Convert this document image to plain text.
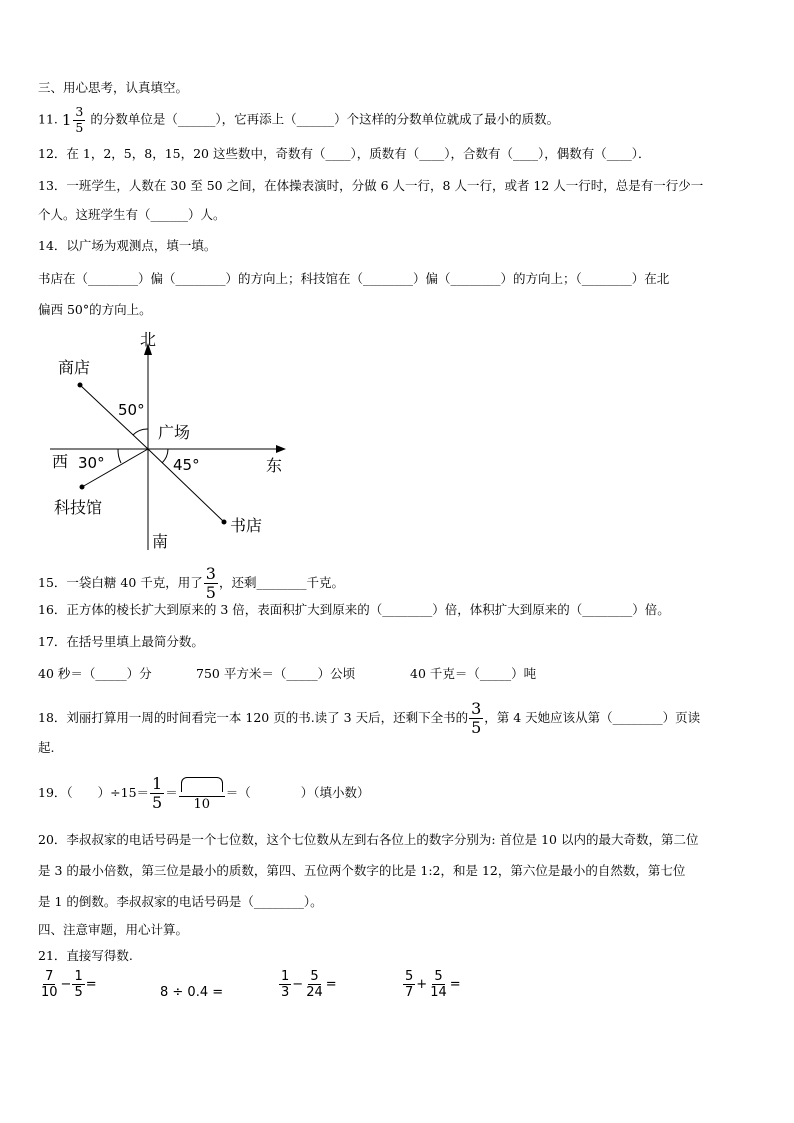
三、用心思考，认真填空。
11. $1 \frac{3}{5}$ 的分数单位是（______），它再添上（______）个这样的分数单位就成了最小的质数。
12．在 1，2，5，8，15，20 这些数中，奇数有（____），质数有（____），合数有（____），偶数有（____）．
13．一班学生，人数在 30 至 50 之间，在体操表演时，分做 6 人一行，8 人一行，或者 12 人一行时，总是有一行少一
个人。这班学生有（______）人。
14．以广场为观测点，填一填。
书店在（________）偏（________）的方向上；科技馆在（________）偏（________）的方向上；（________）在北
偏西 50°的方向上。
北
南
西	东
广场
商店
科技馆
书店
50°
30°	45°
15．一袋白糖 40 千克，用了 $\frac{3}{5}$ ，还剩________千克。
16．正方体的棱长扩大到原来的 3 倍，表面积扩大到原来的（________）倍，体积扩大到原来的（________）倍。
17．在括号里填上最简分数。
40 秒＝（_____）分	750 平方米＝（_____）公顷	40 千克＝（_____）吨
18．刘丽打算用一周的时间看完一本 120 页的书.读了 3 天后，还剩下全书的 $\frac{3}{5}$ ，第 4 天她应该从第（________）页读
起.
19．（　　）$\div 15= \frac{1}{5}$ ＝
10
＝（　　　　）（填小数）
20．李叔叔家的电话号码是一个七位数，这个七位数从左到右各位上的数字分别为: 首位是 10 以内的最大奇数，第二位
是 3 的最小倍数，第三位是最小的质数，第四、五位两个数字的比是 1:2，和是 12，第六位是最小的自然数，第七位
是 1 的倒数。李叔叔家的电话号码是（________）。
四、注意审题，用心计算。
21．直接写得数.
$\frac{7}{10} - \frac{1}{5}$ =
8 ÷ 0.4 =	$\frac{1}{3} - \frac{5}{24}$ =	$\frac{5}{7} + \frac{5}{14}$ =
